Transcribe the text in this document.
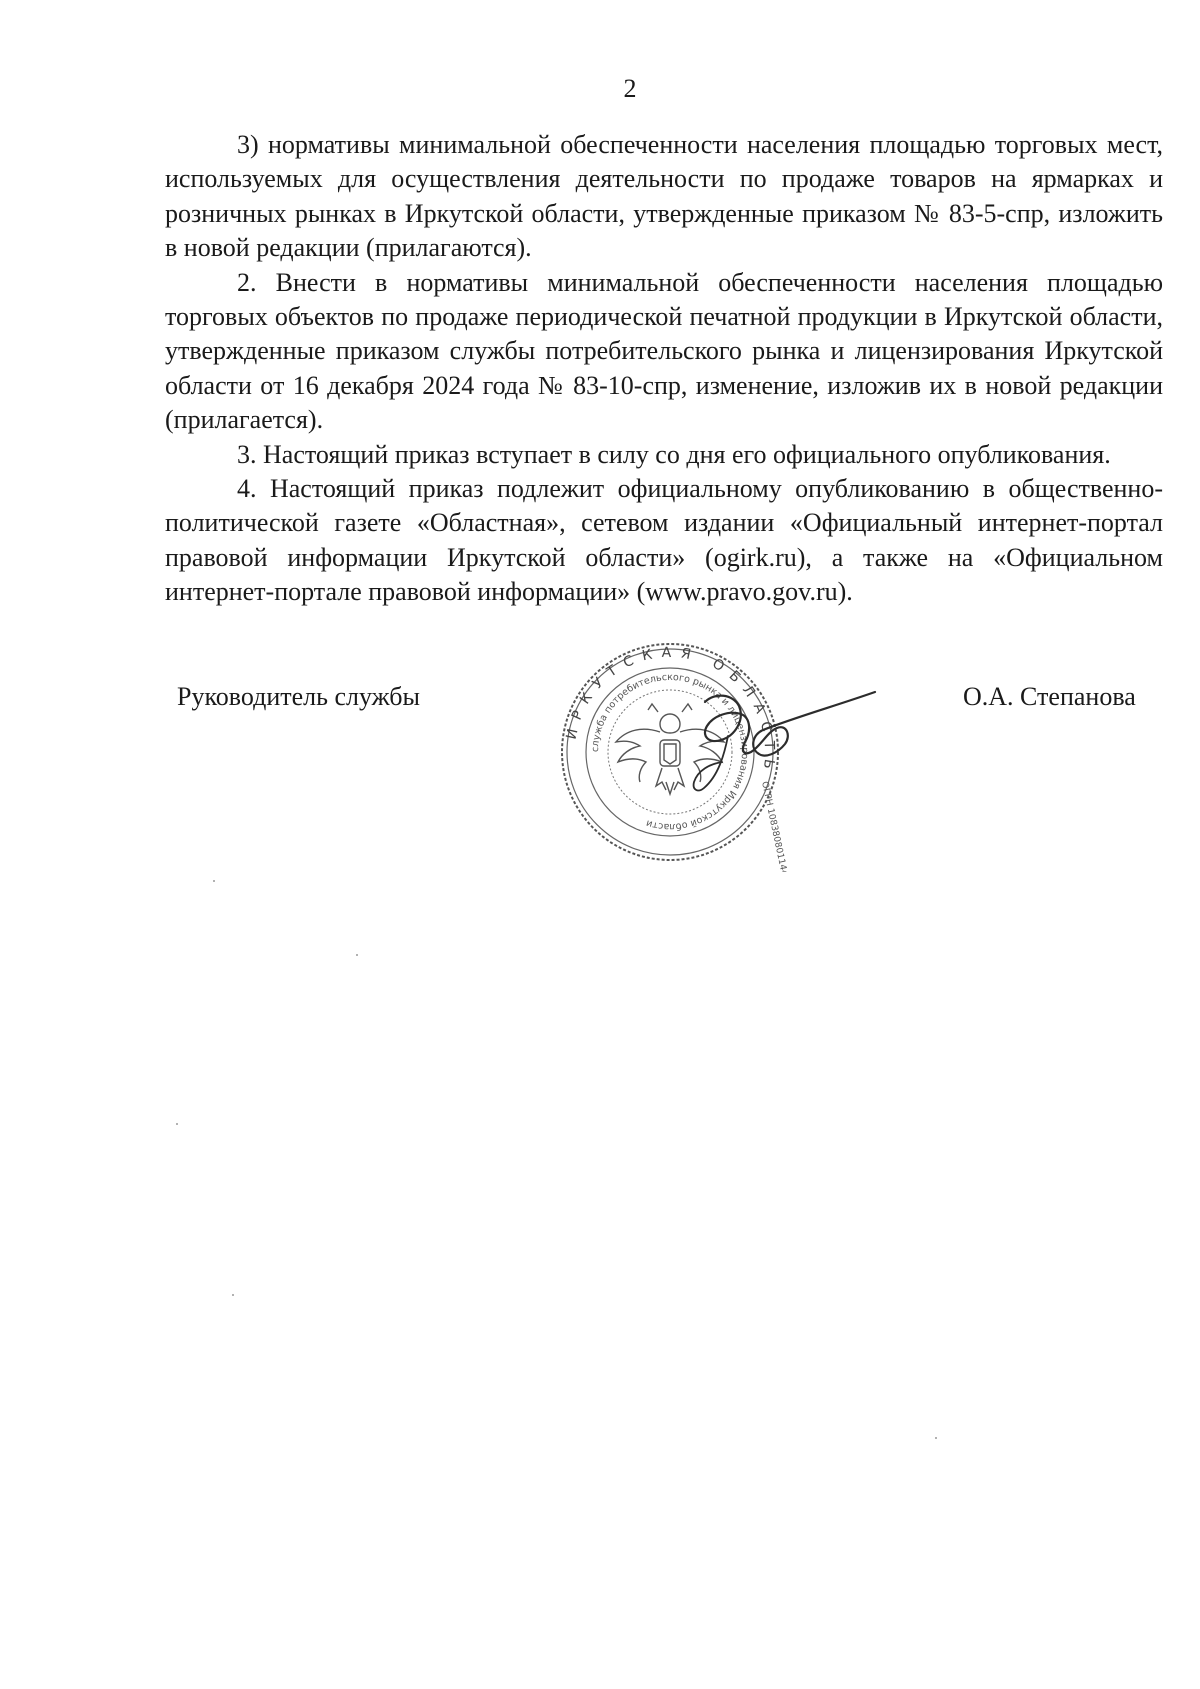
2

3) нормативы минимальной обеспеченности населения площадью торговых мест, используемых для осуществления деятельности по продаже товаров на ярмарках и розничных рынках в Иркутской области, утвержденные приказом № 83-5-спр, изложить в новой редакции (прилагаются).

2. Внести в нормативы минимальной обеспеченности населения площадью торговых объектов по продаже периодической печатной продукции в Иркутской области, утвержденные приказом службы потребительского рынка и лицензирования Иркутской области от 16 декабря 2024 года № 83-10-спр, изменение, изложив их в новой редакции (прилагается).

3. Настоящий приказ вступает в силу со дня его официального опубликования.

4. Настоящий приказ подлежит официальному опубликованию в общественно-политической газете «Областная», сетевом издании «Официальный интернет-портал правовой информации Иркутской области» (ogirk.ru), а также на «Официальном интернет-портале правовой информации» (www.pravo.gov.ru).

Руководитель службы	О.А. Степанова
ИРКУТСКАЯ ОБЛАСТЬ
служба потребительского рынка и лицензирования Иркутской области	ОГРН 1083808011441
